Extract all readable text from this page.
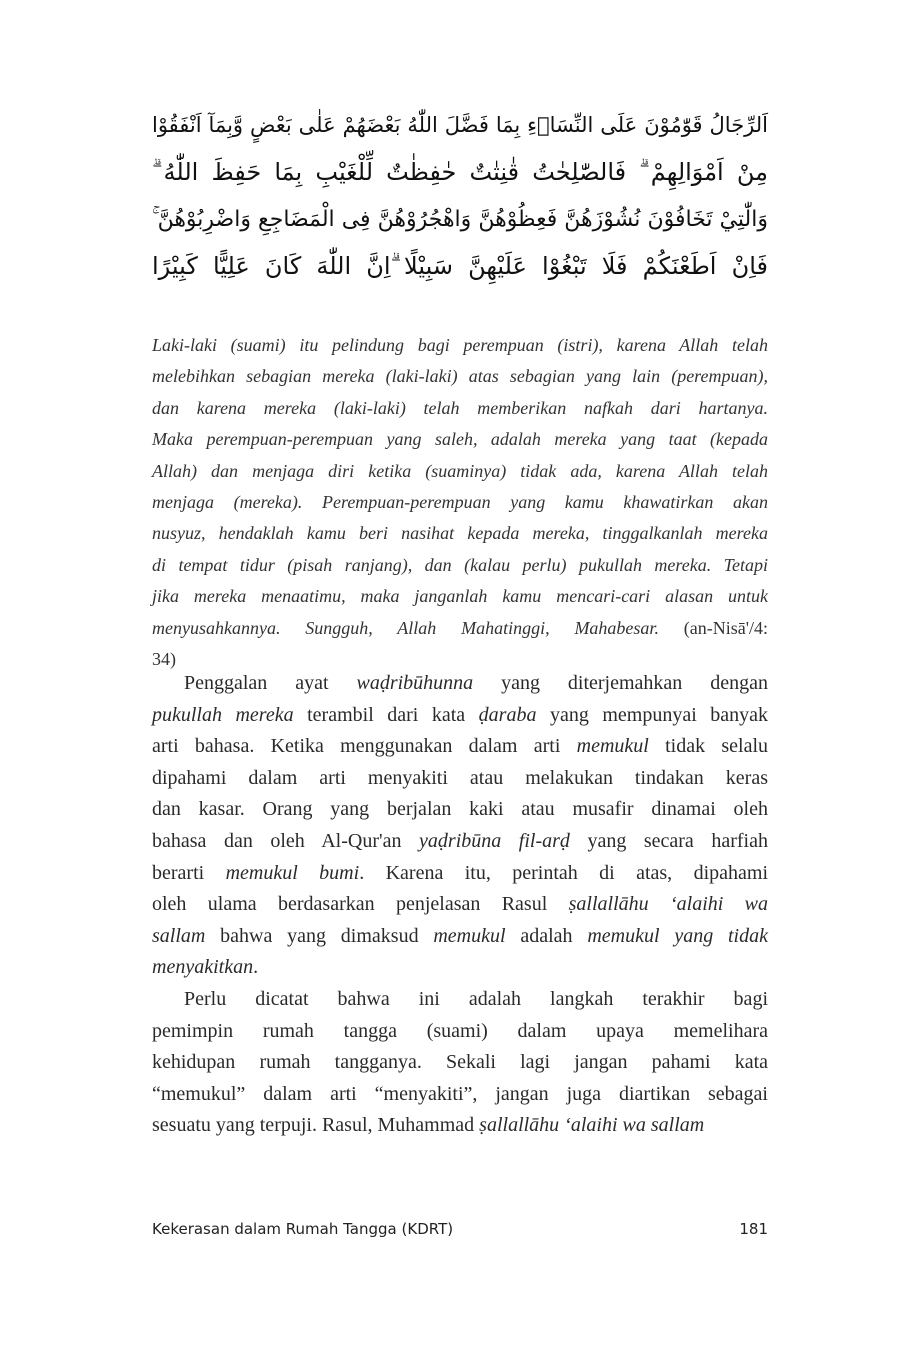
اَلرِّجَالُ قَوّٰمُوْنَ عَلَى النِّسَاۤءِ بِمَا فَضَّلَ اللّٰهُ بَعْضَهُمْ عَلٰى بَعْضٍ وَّبِمَآ اَنْفَقُوْا
مِنْ اَمْوَالِهِمْ ۗ فَالصّٰلِحٰتُ قٰنِتٰتٌ حٰفِظٰتٌ لِّلْغَيْبِ بِمَا حَفِظَ اللّٰهُ ۗ
وَالّٰتِيْ تَخَافُوْنَ نُشُوْزَهُنَّ فَعِظُوْهُنَّ وَاهْجُرُوْهُنَّ فِى الْمَضَاجِعِ وَاضْرِبُوْهُنَّ ۚ
فَاِنْ اَطَعْنَكُمْ فَلَا تَبْغُوْا عَلَيْهِنَّ سَبِيْلًا ۗاِنَّ اللّٰهَ كَانَ عَلِيًّا كَبِيْرًا
Laki-laki (suami) itu pelindung bagi perempuan (istri), karena Allah telah
melebihkan sebagian mereka (laki-laki) atas sebagian yang lain (perempuan),
dan karena mereka (laki-laki) telah memberikan nafkah dari hartanya.
Maka perempuan-perempuan yang saleh, adalah mereka yang taat (kepada
Allah) dan menjaga diri ketika (suaminya) tidak ada, karena Allah telah
menjaga (mereka). Perempuan-perempuan yang kamu khawatirkan akan
nusyuz, hendaklah kamu beri nasihat kepada mereka, tinggalkanlah mereka
di tempat tidur (pisah ranjang), dan (kalau perlu) pukullah mereka. Tetapi
jika mereka menaatimu, maka janganlah kamu mencari-cari alasan untuk
menyusahkannya. Sungguh, Allah Mahatinggi, Mahabesar. (an-Nisā'/4:
34)
Penggalan ayat waḍribūhunna yang diterjemahkan dengan
pukullah mereka terambil dari kata ḍaraba yang mempunyai banyak
arti bahasa. Ketika menggunakan dalam arti memukul tidak selalu
dipahami dalam arti menyakiti atau melakukan tindakan keras
dan kasar. Orang yang berjalan kaki atau musafir dinamai oleh
bahasa dan oleh Al-Qur'an yaḍribūna fil-arḍ yang secara harfiah
berarti memukul bumi. Karena itu, perintah di atas, dipahami
oleh ulama berdasarkan penjelasan Rasul ṣallallāhu ‘alaihi wa
sallam bahwa yang dimaksud memukul adalah memukul yang tidak
menyakitkan.
Perlu dicatat bahwa ini adalah langkah terakhir bagi
pemimpin rumah tangga (suami) dalam upaya memelihara
kehidupan rumah tangganya. Sekali lagi jangan pahami kata
“memukul” dalam arti “menyakiti”, jangan juga diartikan sebagai
sesuatu yang terpuji. Rasul, Muhammad ṣallallāhu ‘alaihi wa sallam
Kekerasan dalam Rumah Tangga (KDRT)	181
